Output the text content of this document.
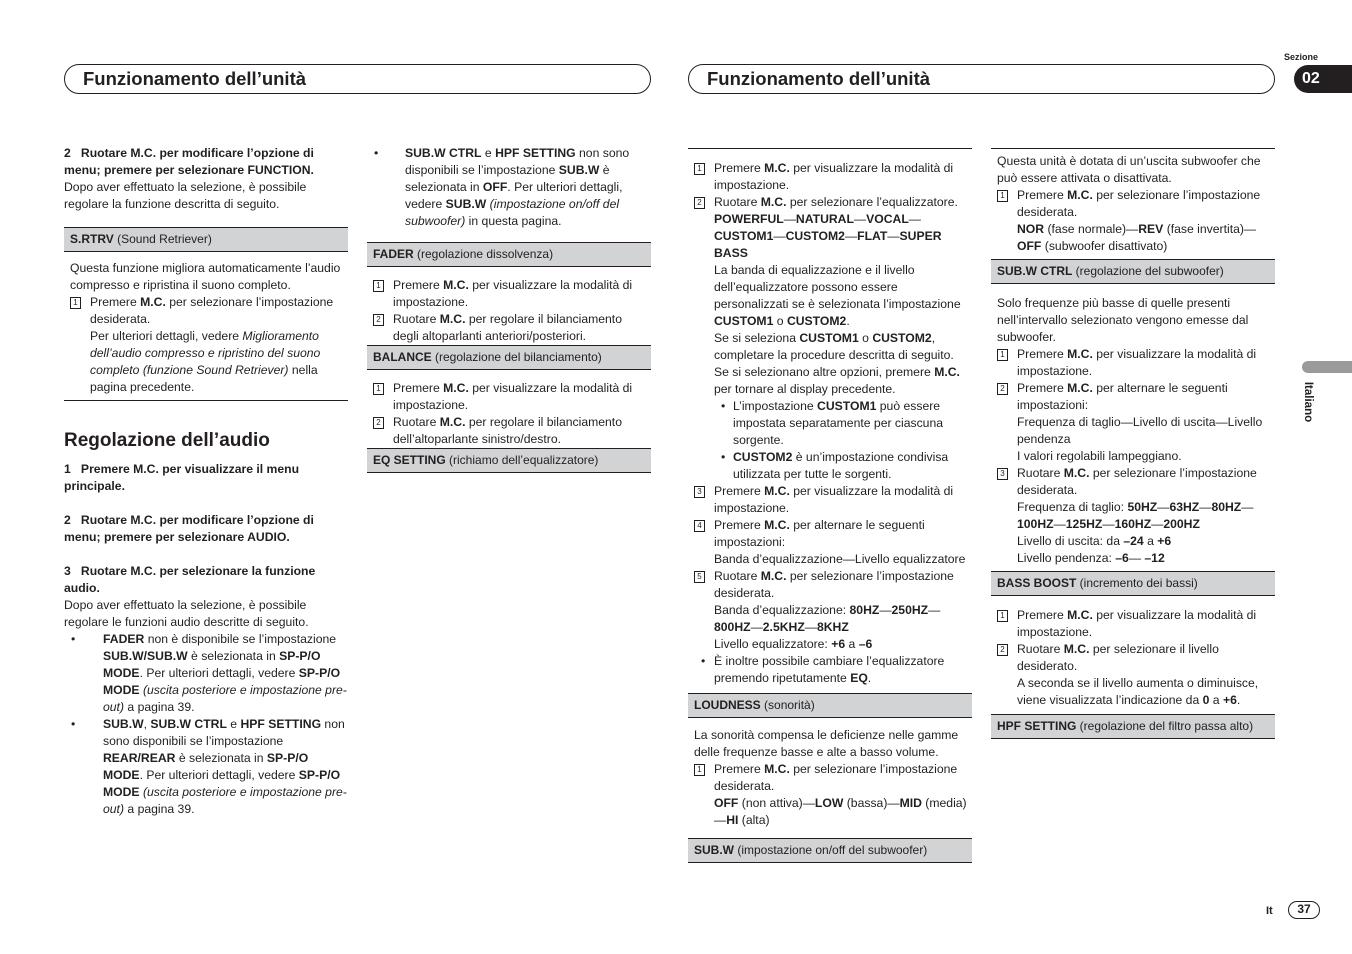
Funzionamento dell’unità	Funzionamento dell’unità
Sezione
02
Italiano
It	37

2   Ruotare M.C. per modificare l’opzione di menu; premere per selezionare FUNCTION.

Dopo aver effettuato la selezione, è possibile regolare la funzione descritta di seguito.

S.RTRV (Sound Retriever)

Questa funzione migliora automaticamente l’audio compresso e ripristina il suono completo.

1 Premere M.C. per selezionare l’impostazione desiderata.
Per ulteriori dettagli, vedere Miglioramento dell’audio compresso e ripristino del suono completo (funzione Sound Retriever) nella pagina precedente.
Regolazione dell’audio

1   Premere M.C. per visualizzare il menu principale.

2   Ruotare M.C. per modificare l’opzione di menu; premere per selezionare AUDIO.

3   Ruotare M.C. per selezionare la funzione audio.

Dopo aver effettuato la selezione, è possibile regolare le funzioni audio descritte di seguito.

• FADER non è disponibile se l’impostazione SUB.W/SUB.W è selezionata in SP-P/O MODE. Per ulteriori dettagli, vedere SP-P/O MODE (uscita posteriore e impostazione pre-out) a pagina 39.
• SUB.W, SUB.W CTRL e HPF SETTING non sono disponibili se l’impostazione REAR/REAR è selezionata in SP-P/O MODE. Per ulteriori dettagli, vedere SP-P/O MODE (uscita posteriore e impostazione pre-out) a pagina 39.
• SUB.W CTRL e HPF SETTING non sono disponibili se l’impostazione SUB.W è selezionata in OFF. Per ulteriori dettagli, vedere SUB.W (impostazione on/off del subwoofer) in questa pagina.
FADER (regolazione dissolvenza)
1 Premere M.C. per visualizzare la modalità di impostazione.
2 Ruotare M.C. per regolare il bilanciamento degli altoparlanti anteriori/posteriori.
BALANCE (regolazione del bilanciamento)
1 Premere M.C. per visualizzare la modalità di impostazione.
2 Ruotare M.C. per regolare il bilanciamento dell’altoparlante sinistro/destro.
EQ SETTING (richiamo dell’equalizzatore)
1 Premere M.C. per visualizzare la modalità di impostazione.
2 Ruotare M.C. per selezionare l’equalizzatore.
POWERFUL—NATURAL—VOCAL—CUSTOM1—CUSTOM2—FLAT—SUPER BASS
La banda di equalizzazione e il livello dell’equalizzatore possono essere personalizzati se è selezionata l’impostazione CUSTOM1 o CUSTOM2.
Se si seleziona CUSTOM1 o CUSTOM2, completare la procedure descritta di seguito. Se si selezionano altre opzioni, premere M.C. per tornare al display precedente.
• L’impostazione CUSTOM1 può essere impostata separatamente per ciascuna sorgente.
• CUSTOM2 è un’impostazione condivisa utilizzata per tutte le sorgenti.
3 Premere M.C. per visualizzare la modalità di impostazione.
4 Premere M.C. per alternare le seguenti impostazioni:
Banda d’equalizzazione—Livello equalizzatore
5 Ruotare M.C. per selezionare l’impostazione desiderata.
Banda d’equalizzazione: 80HZ—250HZ—800HZ—2.5KHZ—8KHZ
Livello equalizzatore: +6 a –6
• È inoltre possibile cambiare l’equalizzatore premendo ripetutamente EQ.
LOUDNESS (sonorità)

La sonorità compensa le deficienze nelle gamme delle frequenze basse e alte a basso volume.

1 Premere M.C. per selezionare l’impostazione desiderata.
OFF (non attiva)—LOW (bassa)—MID (media)—HI (alta)
SUB.W (impostazione on/off del subwoofer)

Questa unità è dotata di un’uscita subwoofer che può essere attivata o disattivata.

1 Premere M.C. per selezionare l’impostazione desiderata.
NOR (fase normale)—REV (fase invertita)—OFF (subwoofer disattivato)
SUB.W CTRL (regolazione del subwoofer)

Solo frequenze più basse di quelle presenti nell’intervallo selezionato vengono emesse dal subwoofer.

1 Premere M.C. per visualizzare la modalità di impostazione.
2 Premere M.C. per alternare le seguenti impostazioni:
Frequenza di taglio—Livello di uscita—Livello pendenza
I valori regolabili lampeggiano.
3 Ruotare M.C. per selezionare l’impostazione desiderata.
Frequenza di taglio: 50HZ—63HZ—80HZ—100HZ—125HZ—160HZ—200HZ
Livello di uscita: da –24 a +6
Livello pendenza: –6— –12
BASS BOOST (incremento dei bassi)
1 Premere M.C. per visualizzare la modalità di impostazione.
2 Ruotare M.C. per selezionare il livello desiderato.
A seconda se il livello aumenta o diminuisce, viene visualizzata l’indicazione da 0 a +6.
HPF SETTING (regolazione del filtro passa alto)
